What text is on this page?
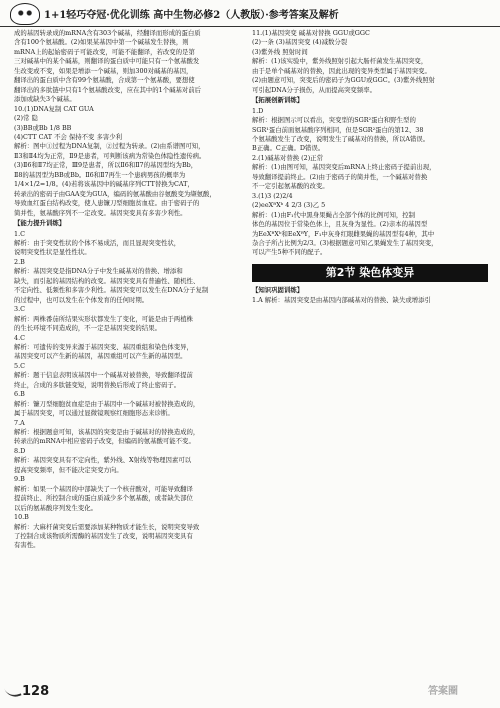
1+1轻巧夺冠·优化训练 高中生物必修2（人教版）·参考答案及解析
成的基因转录成的mRNA含有303个碱基，经翻译而形成的蛋白质
含有100个氨基酸。(2)如果某基因中第一个碱基发生替换，则
mRNA上的起始密码子可能改变，可能不能翻译，若改变的是第
三对碱基中的某个碱基，则翻译的蛋白质中可能只有一个氨基酸发
生改变或不变，如果是增添一个碱基，则加300对碱基的基因，
翻译出的蛋白质中含有99个氨基酸，合成第一个氨基酸，要想使
翻译出的多肽链中只有1个氨基酸改变，应在其中的1个碱基对前后
添加或缺失3个碱基。
10.(1)DNA复制 CAT GUA
(2)常 隐
(3)BB或Bb 1/8 BB
(4)CTT CAT 不会 保持不变 多害少利
解析：图中①过程为DNA复制，②过程为转录。(2)由系谱图可知，
Ⅱ3和Ⅱ4均为正常，Ⅱ9是患者，可判断该病为常染色体隐性遗传病。
(3)Ⅱ6和Ⅱ7均正常，Ⅲ9是患者，所以Ⅱ6和Ⅱ7的基因型均为Bb，
Ⅱ8的基因型为BB或Bb。Ⅱ6和Ⅱ7再生一个患病男孩的概率为
1/4×1/2=1/8。(4)若将该基因中的碱基序列CTT替换为CAT，
转录出的密码子由GAA变为GUA，编码的氨基酸由谷氨酸变为缬氨酸，
导致血红蛋白结构改变，使人患镰刀型细胞贫血症。由于密码子的
简并性，氨基酸序列不一定改变。基因突变具有多害少利性。
【能力提升训练】
1.C
解析：由于突变性状的个体不易成活，而且显现突变性状，
说明突变性状是显性性状。
2.B
解析：基因突变是指DNA分子中发生碱基对的替换、增添和
缺失，而引起的基因结构的改变。基因突变具有普遍性、随机性、
不定向性、低频性和多害少利性。基因突变可以发生在DNA分子复制
的过程中，也可以发生在个体发育的任何时期。
3.C
解析：两株番茄所结果实形状都发生了变化，可能是由于两植株
的生长环境不同造成的，不一定是基因突变的结果。
4.C
解析：可遗传的变异来源于基因突变、基因重组和染色体变异，
基因突变可以产生新的基因，基因重组可以产生新的基因型。
5.C
解析：题干信息表明该基因中一个碱基对被替换，导致翻译提前
终止，合成的多肽链变短，说明替换后形成了终止密码子。
6.B
解析：镰刀型细胞贫血症是由于基因中一个碱基对被替换造成的，
属于基因突变，可以通过显微镜观察红细胞形态来诊断。
7.A
解析：根据题意可知，该基因的突变是由于碱基对的替换造成的，
转录出的mRNA中相应密码子改变，但编码的氨基酸可能不变。
8.D
解析：基因突变具有不定向性，紫外线、X射线等物理因素可以
提高突变频率，但不能决定突变方向。
9.B
解析：如果一个基因的中部缺失了一个核苷酸对，可能导致翻译
提前终止、所控制合成的蛋白质减少多个氨基酸，或者缺失部位
以后的氨基酸序列发生变化。
10.B
解析：大麻杆菌突变后需要添加某种物质才能生长，说明突变导致
了控制合成该物质所需酶的基因发生了改变，说明基因突变具有
有害性。
11.(1)基因突变 碱基对替换 GGU或GGC
(2)一条 (3)基因突变 (4)减数分裂
(3)紫外线 照射时间
解析：(1)该实验中，紫外线照射引起大肠杆菌发生基因突变，
由于是单个碱基对的替换，因此出现的变异类型属于基因突变。
(2)由题意可知，突变后的密码子为GGU或GGC。(3)紫外线照射
可引起DNA分子损伤，从而提高突变频率。
【拓展创新训练】
1.D
解析：根据图示可以看出，突变型的SGR²蛋白和野生型的
SGR¹蛋白前面氨基酸序列相同，但是SGR²蛋白的第12、38
个氨基酸发生了改变，说明发生了碱基对的替换，所以A错误。
B正确。C正确。D错误。
2.(1)碱基对替换 (2)正常
解析：(1)由图可知，基因突变后mRNA上终止密码子提前出现，
导致翻译提前终止。(2)由于密码子的简并性，一个碱基对替换
不一定引起氨基酸的改变。
3.(1)3 (2)2/4
(2)eeXᴮXᵇ 4 2/3 (3)乙 5
解析：(1)由F₁代中黑身果蝇占全部个体的比例可知，控制
体色的基因位于常染色体上，且灰身为显性。(2)亲本的基因型
为EeXᴮXᵇ和EeXᴮY，F₁中灰身红眼雌果蝇的基因型有4种，其中
杂合子所占比例为2/3。(3)根据题意可知乙果蝇发生了基因突变，
可以产生5种不同的配子。
第2节 染色体变异
【知识巩固训练】
1.A 解析：基因突变是由基因内部碱基对的替换、缺失或增添引
128	答案圈
